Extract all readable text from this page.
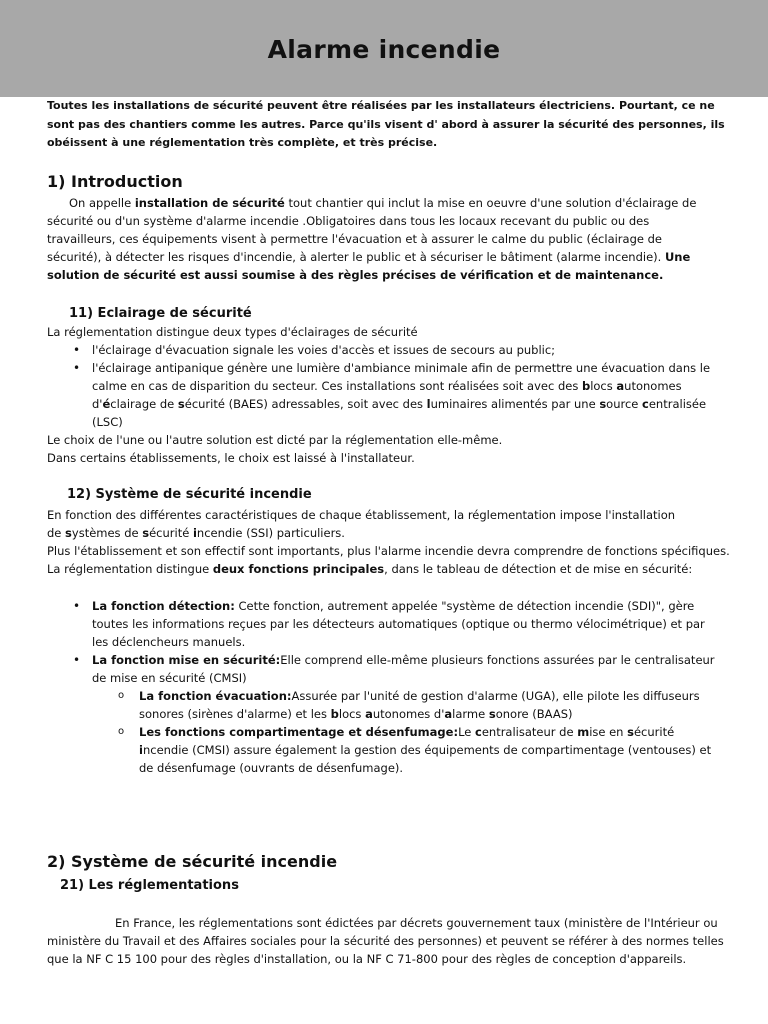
Alarme incendie

Toutes les installations de sécurité peuvent être réalisées par les installateurs électriciens. Pourtant, ce ne sont pas des chantiers comme les autres. Parce qu'ils visent d' abord à assurer la sécurité des personnes, ils obéissent à une réglementation très complète, et très précise.

1) Introduction

On appelle installation de sécurité tout chantier qui inclut la mise en oeuvre d'une solution d'éclairage de sécurité ou d'un système d'alarme incendie .Obligatoires dans tous les locaux recevant du public ou des travailleurs, ces équipements visent à permettre l'évacuation et à assurer le calme du public (éclairage de sécurité), à détecter les risques d'incendie, à alerter le public et à sécuriser le bâtiment (alarme incendie). Une solution de sécurité est aussi soumise à des règles précises de vérification et de maintenance.

11) Eclairage de sécurité

La réglementation distingue deux types d'éclairages de sécurité

• l'éclairage d'évacuation signale les voies d'accès et issues de secours au public;
• l'éclairage antipanique génère une lumière d'ambiance minimale afin de permettre une évacuation dans le calme en cas de disparition du secteur. Ces installations sont réalisées soit avec des blocs autonomes d'éclairage de sécurité (BAES) adressables, soit avec des luminaires alimentés par une source centralisée (LSC)

Le choix de l'une ou l'autre solution est dicté par la réglementation elle-même.

Dans certains établissements, le choix est laissé à l'installateur.

12) Système de sécurité incendie

En fonction des différentes caractéristiques de chaque établissement, la réglementation impose l'installation de systèmes de sécurité incendie (SSI) particuliers.

Plus l'établissement et son effectif sont importants, plus l'alarme incendie devra comprendre de fonctions spécifiques. La réglementation distingue deux fonctions principales, dans le tableau de détection et de mise en sécurité:

• La fonction détection: Cette fonction, autrement appelée "système de détection incendie (SDI)", gère toutes les informations reçues par les détecteurs automatiques (optique ou thermo vélocimétrique) et par les déclencheurs manuels.
• La fonction mise en sécurité:Elle comprend elle-même plusieurs fonctions assurées par le centralisateur de mise en sécurité (CMSI)
o La fonction évacuation:Assurée par l'unité de gestion d'alarme (UGA), elle pilote les diffuseurs sonores (sirènes d'alarme) et les blocs autonomes d'alarme sonore (BAAS)
o Les fonctions compartimentage et désenfumage:Le centralisateur de mise en sécurité incendie (CMSI) assure également la gestion des équipements de compartimentage (ventouses) et de désenfumage (ouvrants de désenfumage).
2) Système de sécurité incendie
21) Les réglementations

En France, les réglementations sont édictées par décrets gouvernement taux (ministère de l'Intérieur ou ministère du Travail et des Affaires sociales pour la sécurité des personnes) et peuvent se référer à des normes telles que la NF C 15 100 pour des règles d'installation, ou la NF C 71-800 pour des règles de conception d'appareils.
